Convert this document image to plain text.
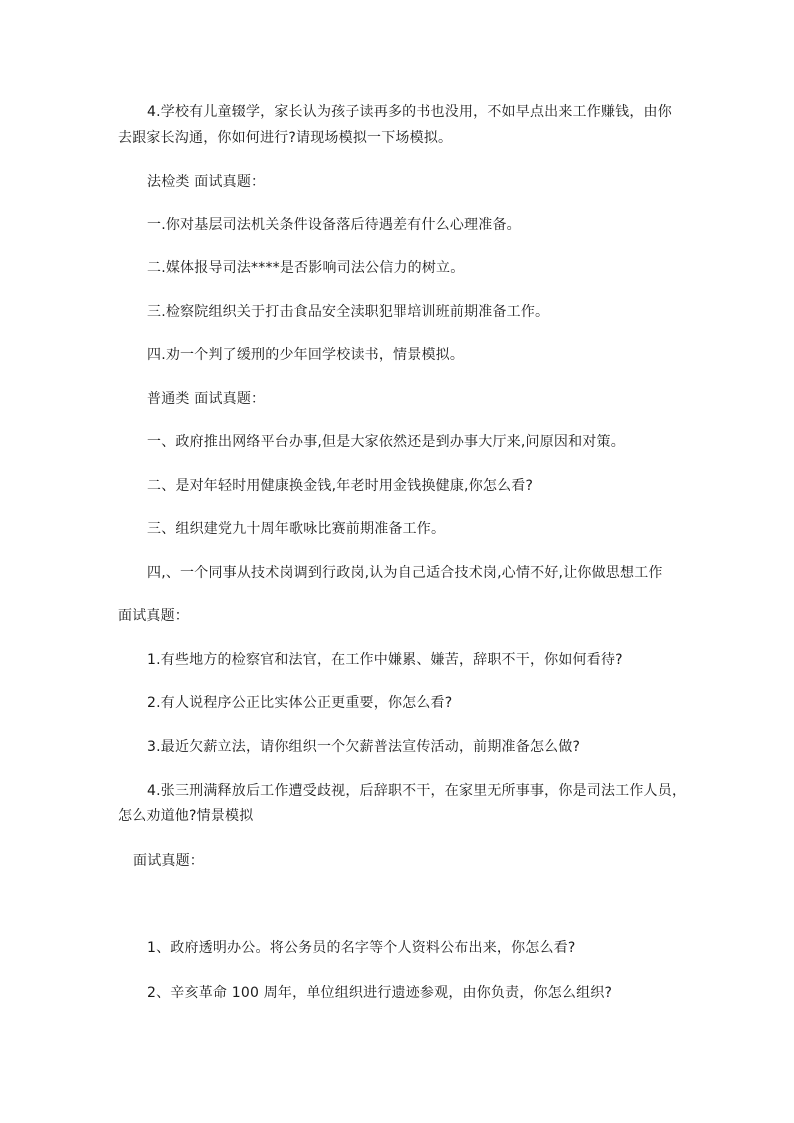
4.学校有儿童辍学，家长认为孩子读再多的书也没用，不如早点出来工作赚钱，由你
去跟家长沟通，你如何进行?请现场模拟一下场模拟。
法检类 面试真题：
一.你对基层司法机关条件设备落后待遇差有什么心理准备。
二.媒体报导司法****是否影响司法公信力的树立。
三.检察院组织关于打击食品安全渎职犯罪培训班前期准备工作。
四.劝一个判了缓刑的少年回学校读书，情景模拟。
普通类 面试真题：
一、政府推出网络平台办事,但是大家依然还是到办事大厅来,问原因和对策。
二、是对年轻时用健康换金钱,年老时用金钱换健康,你怎么看?
三、组织建党九十周年歌咏比赛前期准备工作。
四,、一个同事从技术岗调到行政岗,认为自己适合技术岗,心情不好,让你做思想工作
面试真题：
1.有些地方的检察官和法官，在工作中嫌累、嫌苦，辞职不干，你如何看待?
2.有人说程序公正比实体公正更重要，你怎么看?
3.最近欠薪立法，请你组织一个欠薪普法宣传活动，前期准备怎么做?
4.张三刑满释放后工作遭受歧视，后辞职不干，在家里无所事事，你是司法工作人员，
怎么劝道他?情景模拟
面试真题：
1、政府透明办公。将公务员的名字等个人资料公布出来，你怎么看?
2、辛亥革命 100 周年，单位组织进行遗迹参观，由你负责，你怎么组织?
